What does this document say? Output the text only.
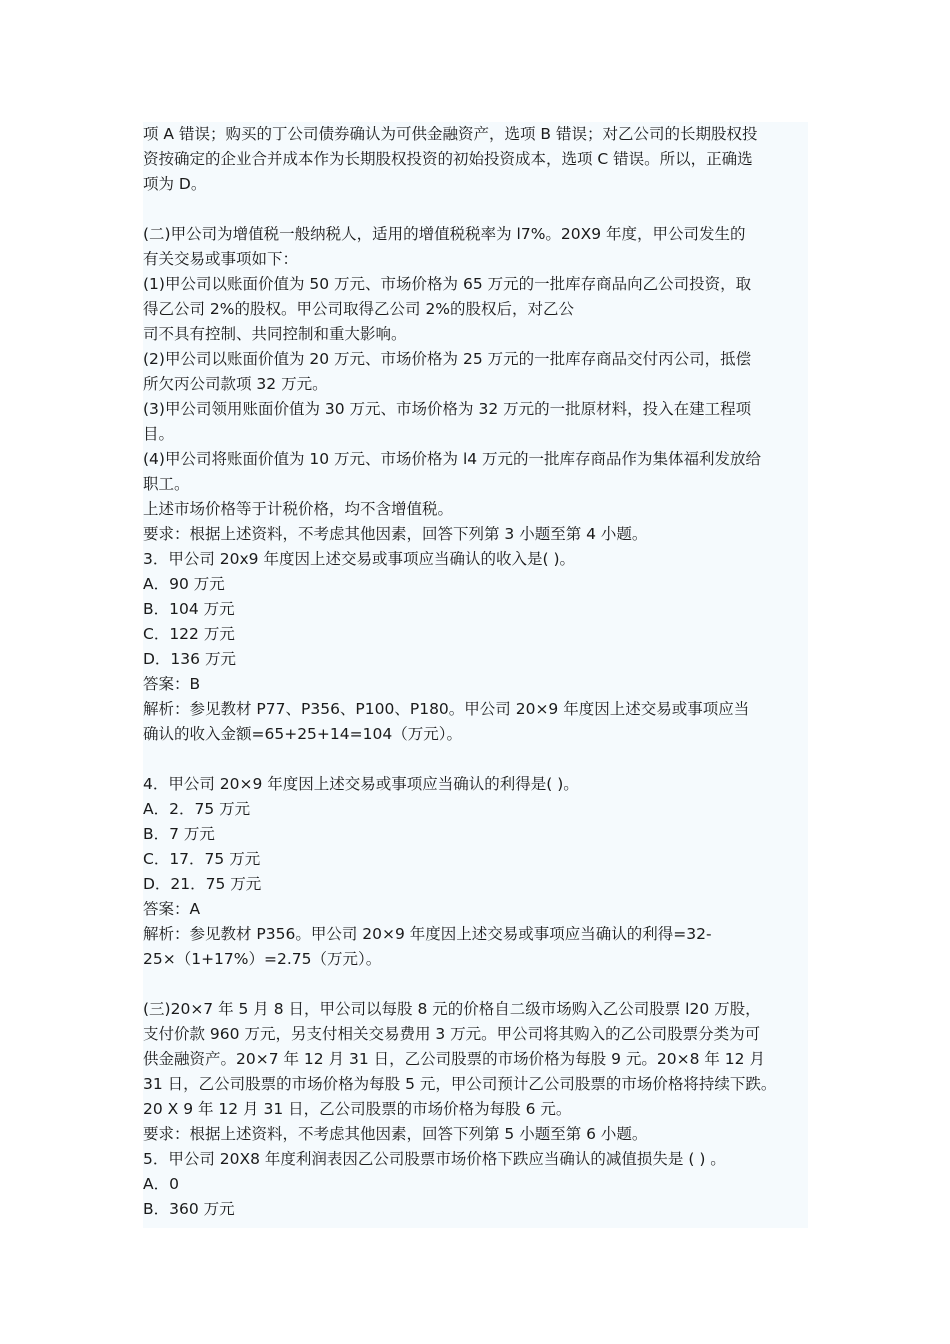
项 A 错误；购买的丁公司债券确认为可供金融资产，选项 B 错误；对乙公司的长期股权投

资按确定的企业合并成本作为长期股权投资的初始投资成本，选项 C 错误。所以，正确选

项为 D。

(二)甲公司为增值税一般纳税人，适用的增值税税率为 l7%。20X9 年度，甲公司发生的

有关交易或事项如下：

(1)甲公司以账面价值为 50 万元、市场价格为 65 万元的一批库存商品向乙公司投资，取

得乙公司 2%的股权。甲公司取得乙公司 2%的股权后，对乙公

司不具有控制、共同控制和重大影响。

(2)甲公司以账面价值为 20 万元、市场价格为 25 万元的一批库存商品交付丙公司，抵偿

所欠丙公司款项 32 万元。

(3)甲公司领用账面价值为 30 万元、市场价格为 32 万元的一批原材料，投入在建工程项

目。

(4)甲公司将账面价值为 10 万元、市场价格为 l4 万元的一批库存商品作为集体福利发放给

职工。

上述市场价格等于计税价格，均不含增值税。

要求：根据上述资料，不考虑其他因素，回答下列第 3 小题至第 4 小题。

3．甲公司 20x9 年度因上述交易或事项应当确认的收入是( )。

A．90 万元

B．104 万元

C．122 万元

D．136 万元

答案：B

解析：参见教材 P77、P356、P100、P180。甲公司 20×9 年度因上述交易或事项应当

确认的收入金额=65+25+14=104（万元）。

4．甲公司 20×9 年度因上述交易或事项应当确认的利得是( )。

A．2．75 万元

B．7 万元

C．17．75 万元

D．21．75 万元

答案：A

解析：参见教材 P356。甲公司 20×9 年度因上述交易或事项应当确认的利得=32-

25×（1+17%）=2.75（万元）。

(三)20×7 年 5 月 8 日，甲公司以每股 8 元的价格自二级市场购入乙公司股票 l20 万股，

支付价款 960 万元，另支付相关交易费用 3 万元。甲公司将其购入的乙公司股票分类为可

供金融资产。20×7 年 12 月 31 日，乙公司股票的市场价格为每股 9 元。20×8 年 12 月

31 日，乙公司股票的市场价格为每股 5 元，甲公司预计乙公司股票的市场价格将持续下跌。

20 X 9 年 12 月 31 日，乙公司股票的市场价格为每股 6 元。

要求：根据上述资料，不考虑其他因素，回答下列第 5 小题至第 6 小题。

5．甲公司 20X8 年度利润表因乙公司股票市场价格下跌应当确认的减值损失是 ( ) 。

A．0

B．360 万元
